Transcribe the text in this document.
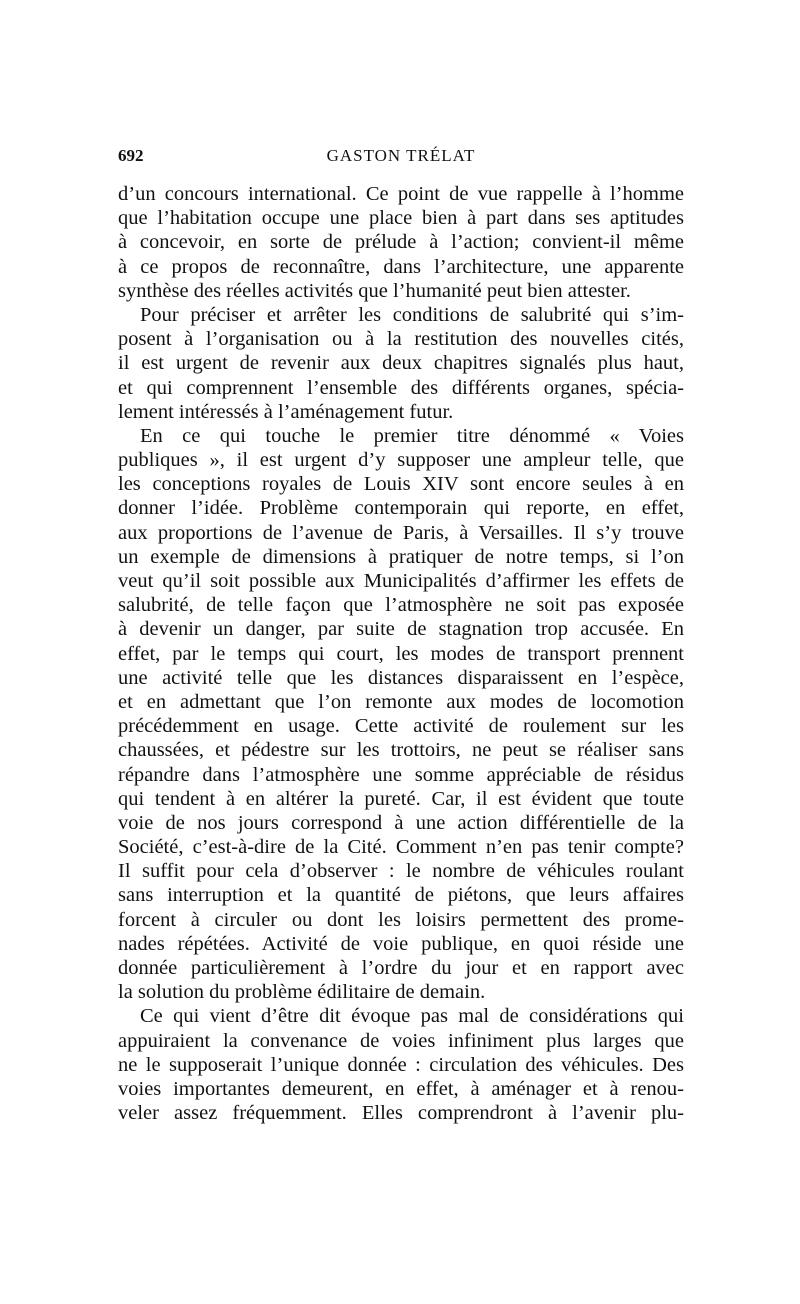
692	GASTON TRÉLAT
d’un concours international. Ce point de vue rappelle à l’homme
que l’habitation occupe une place bien à part dans ses aptitudes
à concevoir, en sorte de prélude à l’action; convient-il même
à ce propos de reconnaître, dans l’architecture, une apparente
synthèse des réelles activités que l’humanité peut bien attester.
Pour préciser et arrêter les conditions de salubrité qui s’im-
posent à l’organisation ou à la restitution des nouvelles cités,
il est urgent de revenir aux deux chapitres signalés plus haut,
et qui comprennent l’ensemble des différents organes, spécia-
lement intéressés à l’aménagement futur.
En ce qui touche le premier titre dénommé « Voies
publiques », il est urgent d’y supposer une ampleur telle, que
les conceptions royales de Louis XIV sont encore seules à en
donner l’idée. Problème contemporain qui reporte, en effet,
aux proportions de l’avenue de Paris, à Versailles. Il s’y trouve
un exemple de dimensions à pratiquer de notre temps, si l’on
veut qu’il soit possible aux Municipalités d’affirmer les effets de
salubrité, de telle façon que l’atmosphère ne soit pas exposée
à devenir un danger, par suite de stagnation trop accusée. En
effet, par le temps qui court, les modes de transport prennent
une activité telle que les distances disparaissent en l’espèce,
et en admettant que l’on remonte aux modes de locomotion
précédemment en usage. Cette activité de roulement sur les
chaussées, et pédestre sur les trottoirs, ne peut se réaliser sans
répandre dans l’atmosphère une somme appréciable de résidus
qui tendent à en altérer la pureté. Car, il est évident que toute
voie de nos jours correspond à une action différentielle de la
Société, c’est-à-dire de la Cité. Comment n’en pas tenir compte?
Il suffit pour cela d’observer : le nombre de véhicules roulant
sans interruption et la quantité de piétons, que leurs affaires
forcent à circuler ou dont les loisirs permettent des prome-
nades répétées. Activité de voie publique, en quoi réside une
donnée particulièrement à l’ordre du jour et en rapport avec
la solution du problème édilitaire de demain.
Ce qui vient d’être dit évoque pas mal de considérations qui
appuiraient la convenance de voies infiniment plus larges que
ne le supposerait l’unique donnée : circulation des véhicules. Des
voies importantes demeurent, en effet, à aménager et à renou-
veler assez fréquemment. Elles comprendront à l’avenir plu-
